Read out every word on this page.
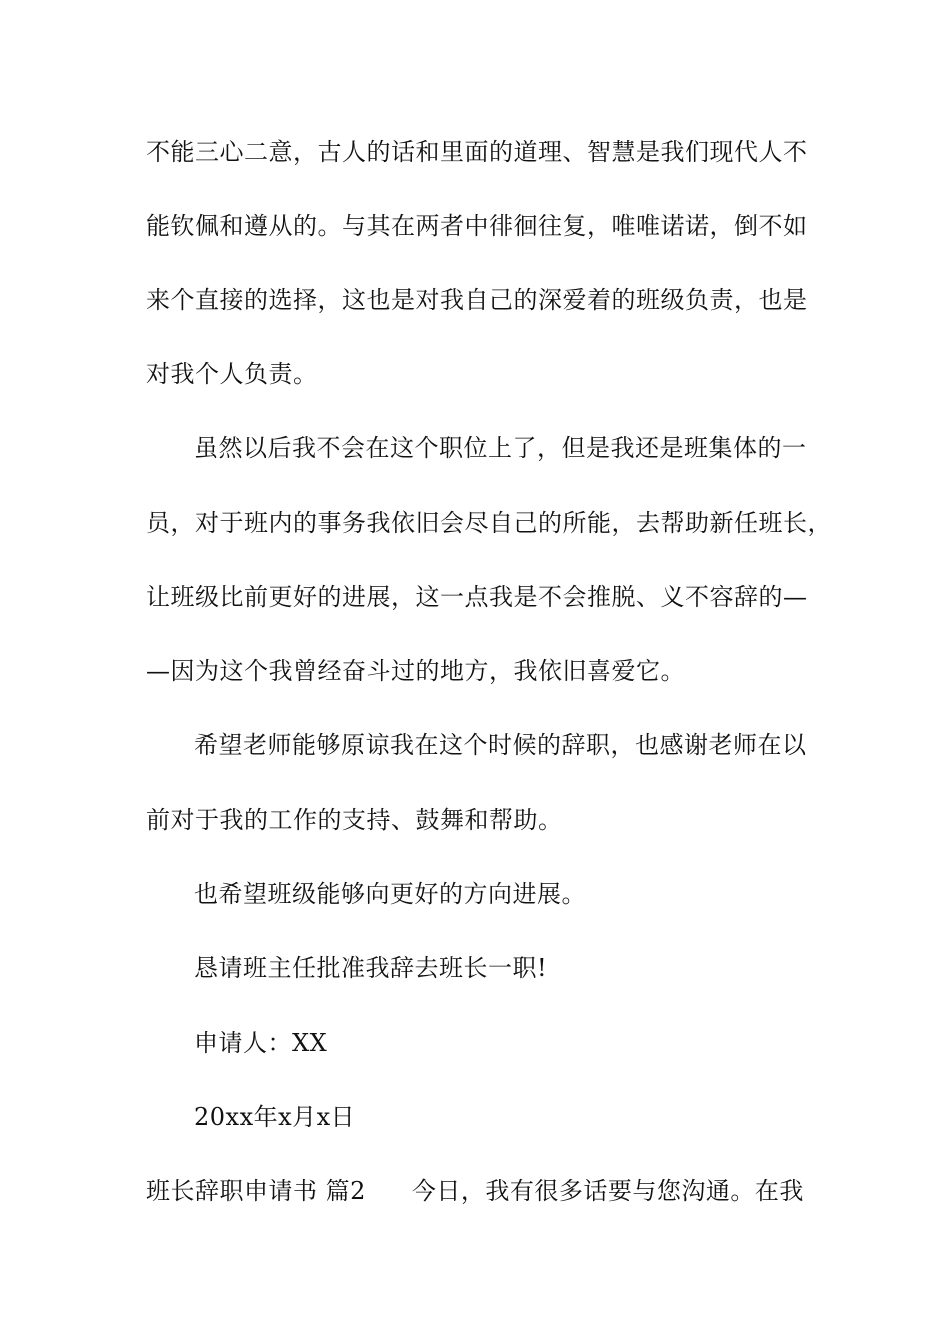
不能三心二意，古人的话和里面的道理、智慧是我们现代人不
能钦佩和遵从的。与其在两者中徘徊往复，唯唯诺诺，倒不如
来个直接的选择，这也是对我自己的深爱着的班级负责，也是
对我个人负责。
虽然以后我不会在这个职位上了，但是我还是班集体的一
员，对于班内的事务我依旧会尽自己的所能，去帮助新任班长，
让班级比前更好的进展，这一点我是不会推脱、义不容辞的—
—因为这个我曾经奋斗过的地方，我依旧喜爱它。
希望老师能够原谅我在这个时候的辞职，也感谢老师在以
前对于我的工作的支持、鼓舞和帮助。
也希望班级能够向更好的方向进展。
恳请班主任批准我辞去班长一职!
申请人：XX
20xx年x月x日
班长辞职申请书 篇2 今日，我有很多话要与您沟通。在我
